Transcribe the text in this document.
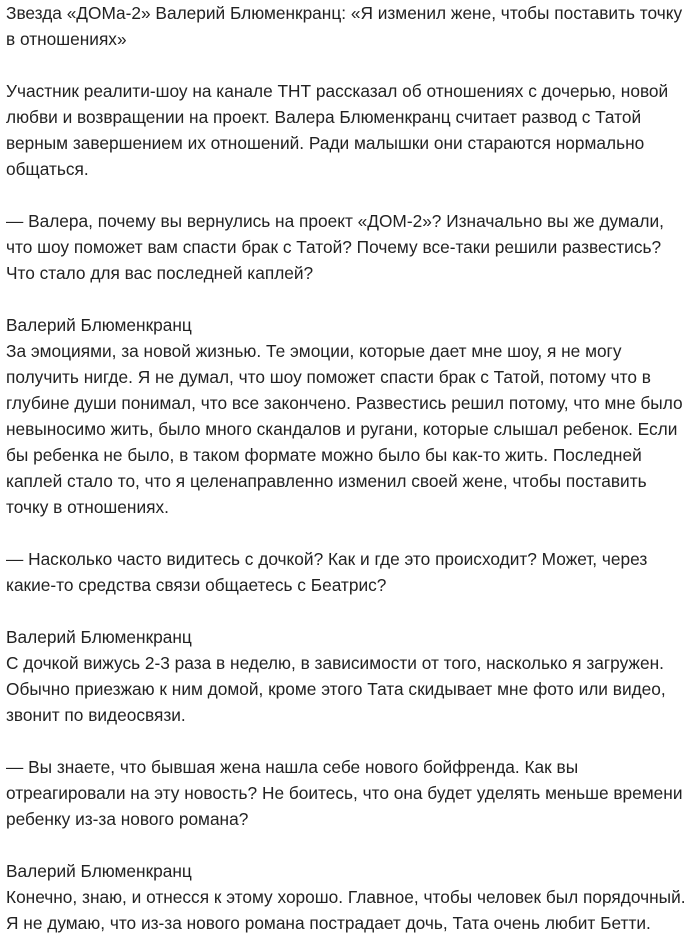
Звезда «ДОМа-2» Валерий Блюменкранц: «Я изменил жене, чтобы поставить точку в отношениях»

Участник реалити-шоу на канале ТНТ рассказал об отношениях с дочерью, новой любви и возвращении на проект. Валера Блюменкранц считает развод с Татой верным завершением их отношений. Ради малышки они стараются нормально общаться.

— Валера, почему вы вернулись на проект «ДОМ-2»? Изначально вы же думали, что шоу поможет вам спасти брак с Татой? Почему все-таки решили развестись? Что стало для вас последней каплей?

Валерий Блюменкранц

За эмоциями, за новой жизнью. Те эмоции, которые дает мне шоу, я не могу получить нигде. Я не думал, что шоу поможет спасти брак с Татой, потому что в глубине души понимал, что все закончено. Развестись решил потому, что мне было невыносимо жить, было много скандалов и ругани, которые слышал ребенок. Если бы ребенка не было, в таком формате можно было бы как-то жить. Последней каплей стало то, что я целенаправленно изменил своей жене, чтобы поставить точку в отношениях.

— Насколько часто видитесь с дочкой? Как и где это происходит? Может, через какие-то средства связи общаетесь с Беатрис?

Валерий Блюменкранц

С дочкой вижусь 2-3 раза в неделю, в зависимости от того, насколько я загружен. Обычно приезжаю к ним домой, кроме этого Тата скидывает мне фото или видео, звонит по видеосвязи.

— Вы знаете, что бывшая жена нашла себе нового бойфренда. Как вы отреагировали на эту новость? Не боитесь, что она будет уделять меньше времени ребенку из-за нового романа?

Валерий Блюменкранц

Конечно, знаю, и отнесся к этому хорошо. Главное, чтобы человек был порядочный. Я не думаю, что из-за нового романа пострадает дочь, Тата очень любит Бетти.
